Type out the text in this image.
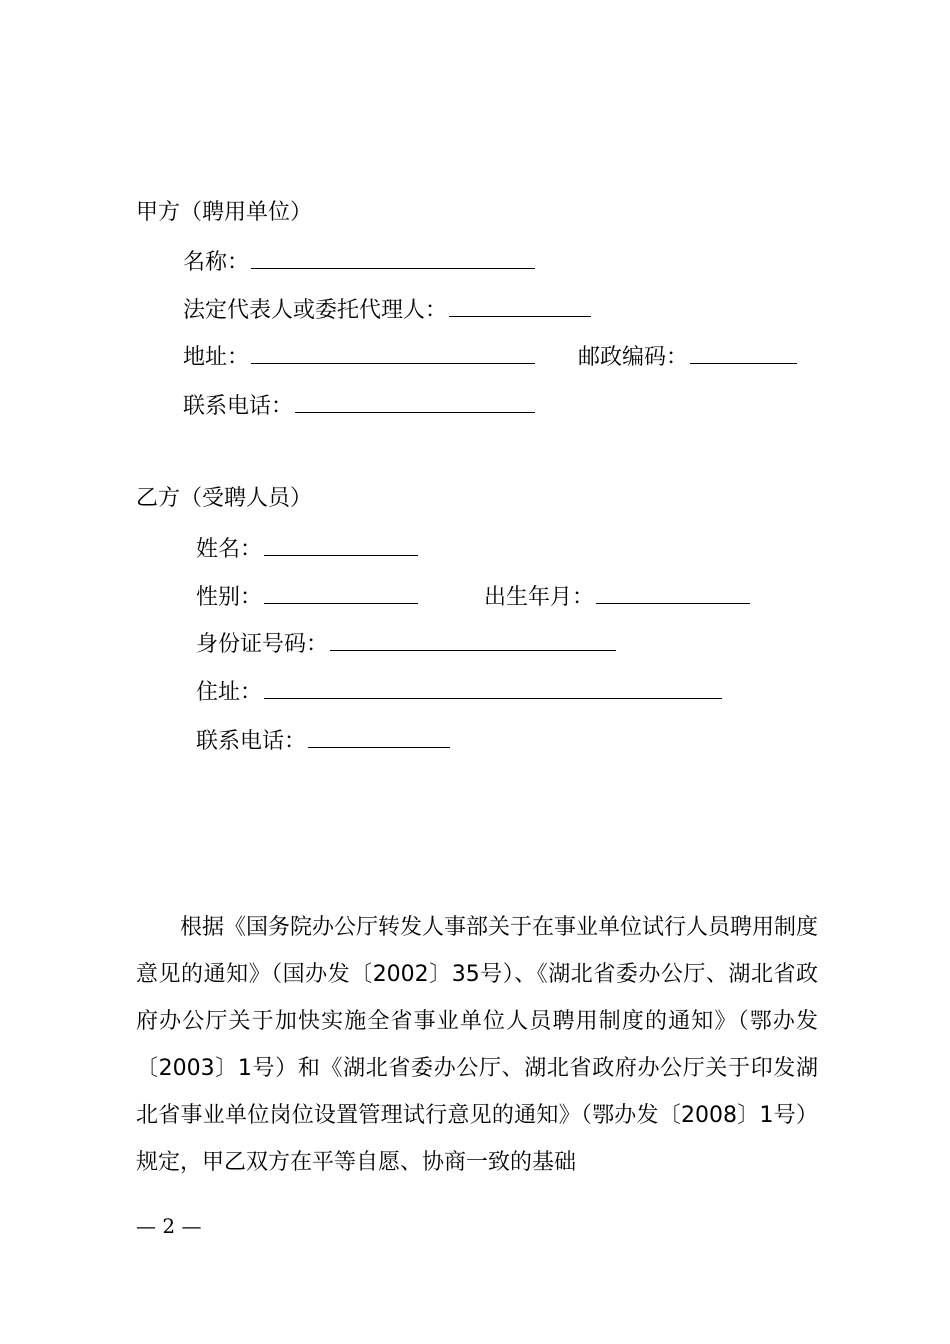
甲方（聘用单位）
名称：
法定代表人或委托代理人：
地址：	邮政编码：
联系电话：
乙方（受聘人员）
姓名：
性别：	出生年月：
身份证号码：
住址：
联系电话：
根据《国务院办公厅转发人事部关于在事业单位试行人员聘用制度意见的通知》（国办发〔2002〕35号）、《湖北省委办公厅、湖北省政府办公厅关于加快实施全省事业单位人员聘用制度的通知》（鄂办发〔2003〕1号）和《湖北省委办公厅、湖北省政府办公厅关于印发湖北省事业单位岗位设置管理试行意见的通知》（鄂办发〔2008〕1号）规定，甲乙双方在平等自愿、协商一致的基础
— 2 —
